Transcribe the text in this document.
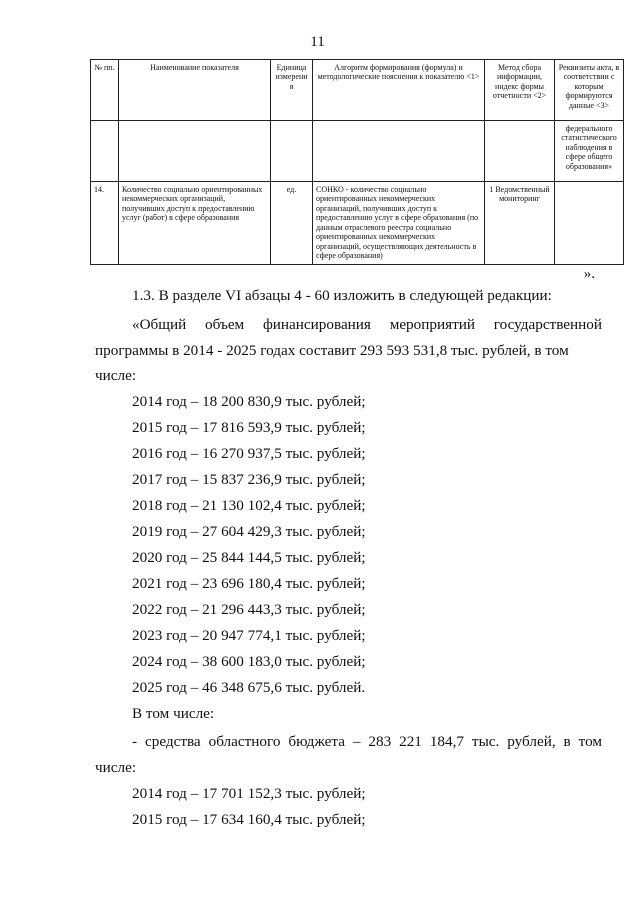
11
№ пп.	Наименование показателя	Единица измерения	Алгоритм формирования (формула) и методологические пояснения к показателю <1>	Метод сбора информации, индекс формы отчетности <2>	Реквизиты акта, в соответствии с которым формируются данные <3>
					федерального статистического наблюдения в сфере общего образования»
14.	Количество социально ориентированных некоммерческих организаций, получивших доступ к предоставлению услуг (работ) в сфере образования	ед.	СОНКО - количество социально ориентированных некоммерческих организаций, получивших доступ к предоставлению услуг в сфере образования (по данным отраслевого реестра социально ориентированных некоммерческих организаций, осуществляющих деятельность в сфере образования)	1 Ведомственный мониторинг	
».
1.3. В разделе VI абзацы 4 - 60 изложить в следующей редакции:
«Общий объем финансирования мероприятий государственной
программы в 2014 - 2025 годах составит 293 593 531,8 тыс. рублей, в том
числе:
2014 год – 18 200 830,9 тыс. рублей;
2015 год – 17 816 593,9 тыс. рублей;
2016 год – 16 270 937,5 тыс. рублей;
2017 год – 15 837 236,9 тыс. рублей;
2018 год – 21 130 102,4 тыс. рублей;
2019 год – 27 604 429,3 тыс. рублей;
2020 год – 25 844 144,5 тыс. рублей;
2021 год – 23 696 180,4 тыс. рублей;
2022 год – 21 296 443,3 тыс. рублей;
2023 год – 20 947 774,1 тыс. рублей;
2024 год – 38 600 183,0 тыс. рублей;
2025 год – 46 348 675,6 тыс. рублей.
В том числе:
- средства областного бюджета – 283 221 184,7 тыс. рублей, в том
числе:
2014 год – 17 701 152,3 тыс. рублей;
2015 год – 17 634 160,4 тыс. рублей;
